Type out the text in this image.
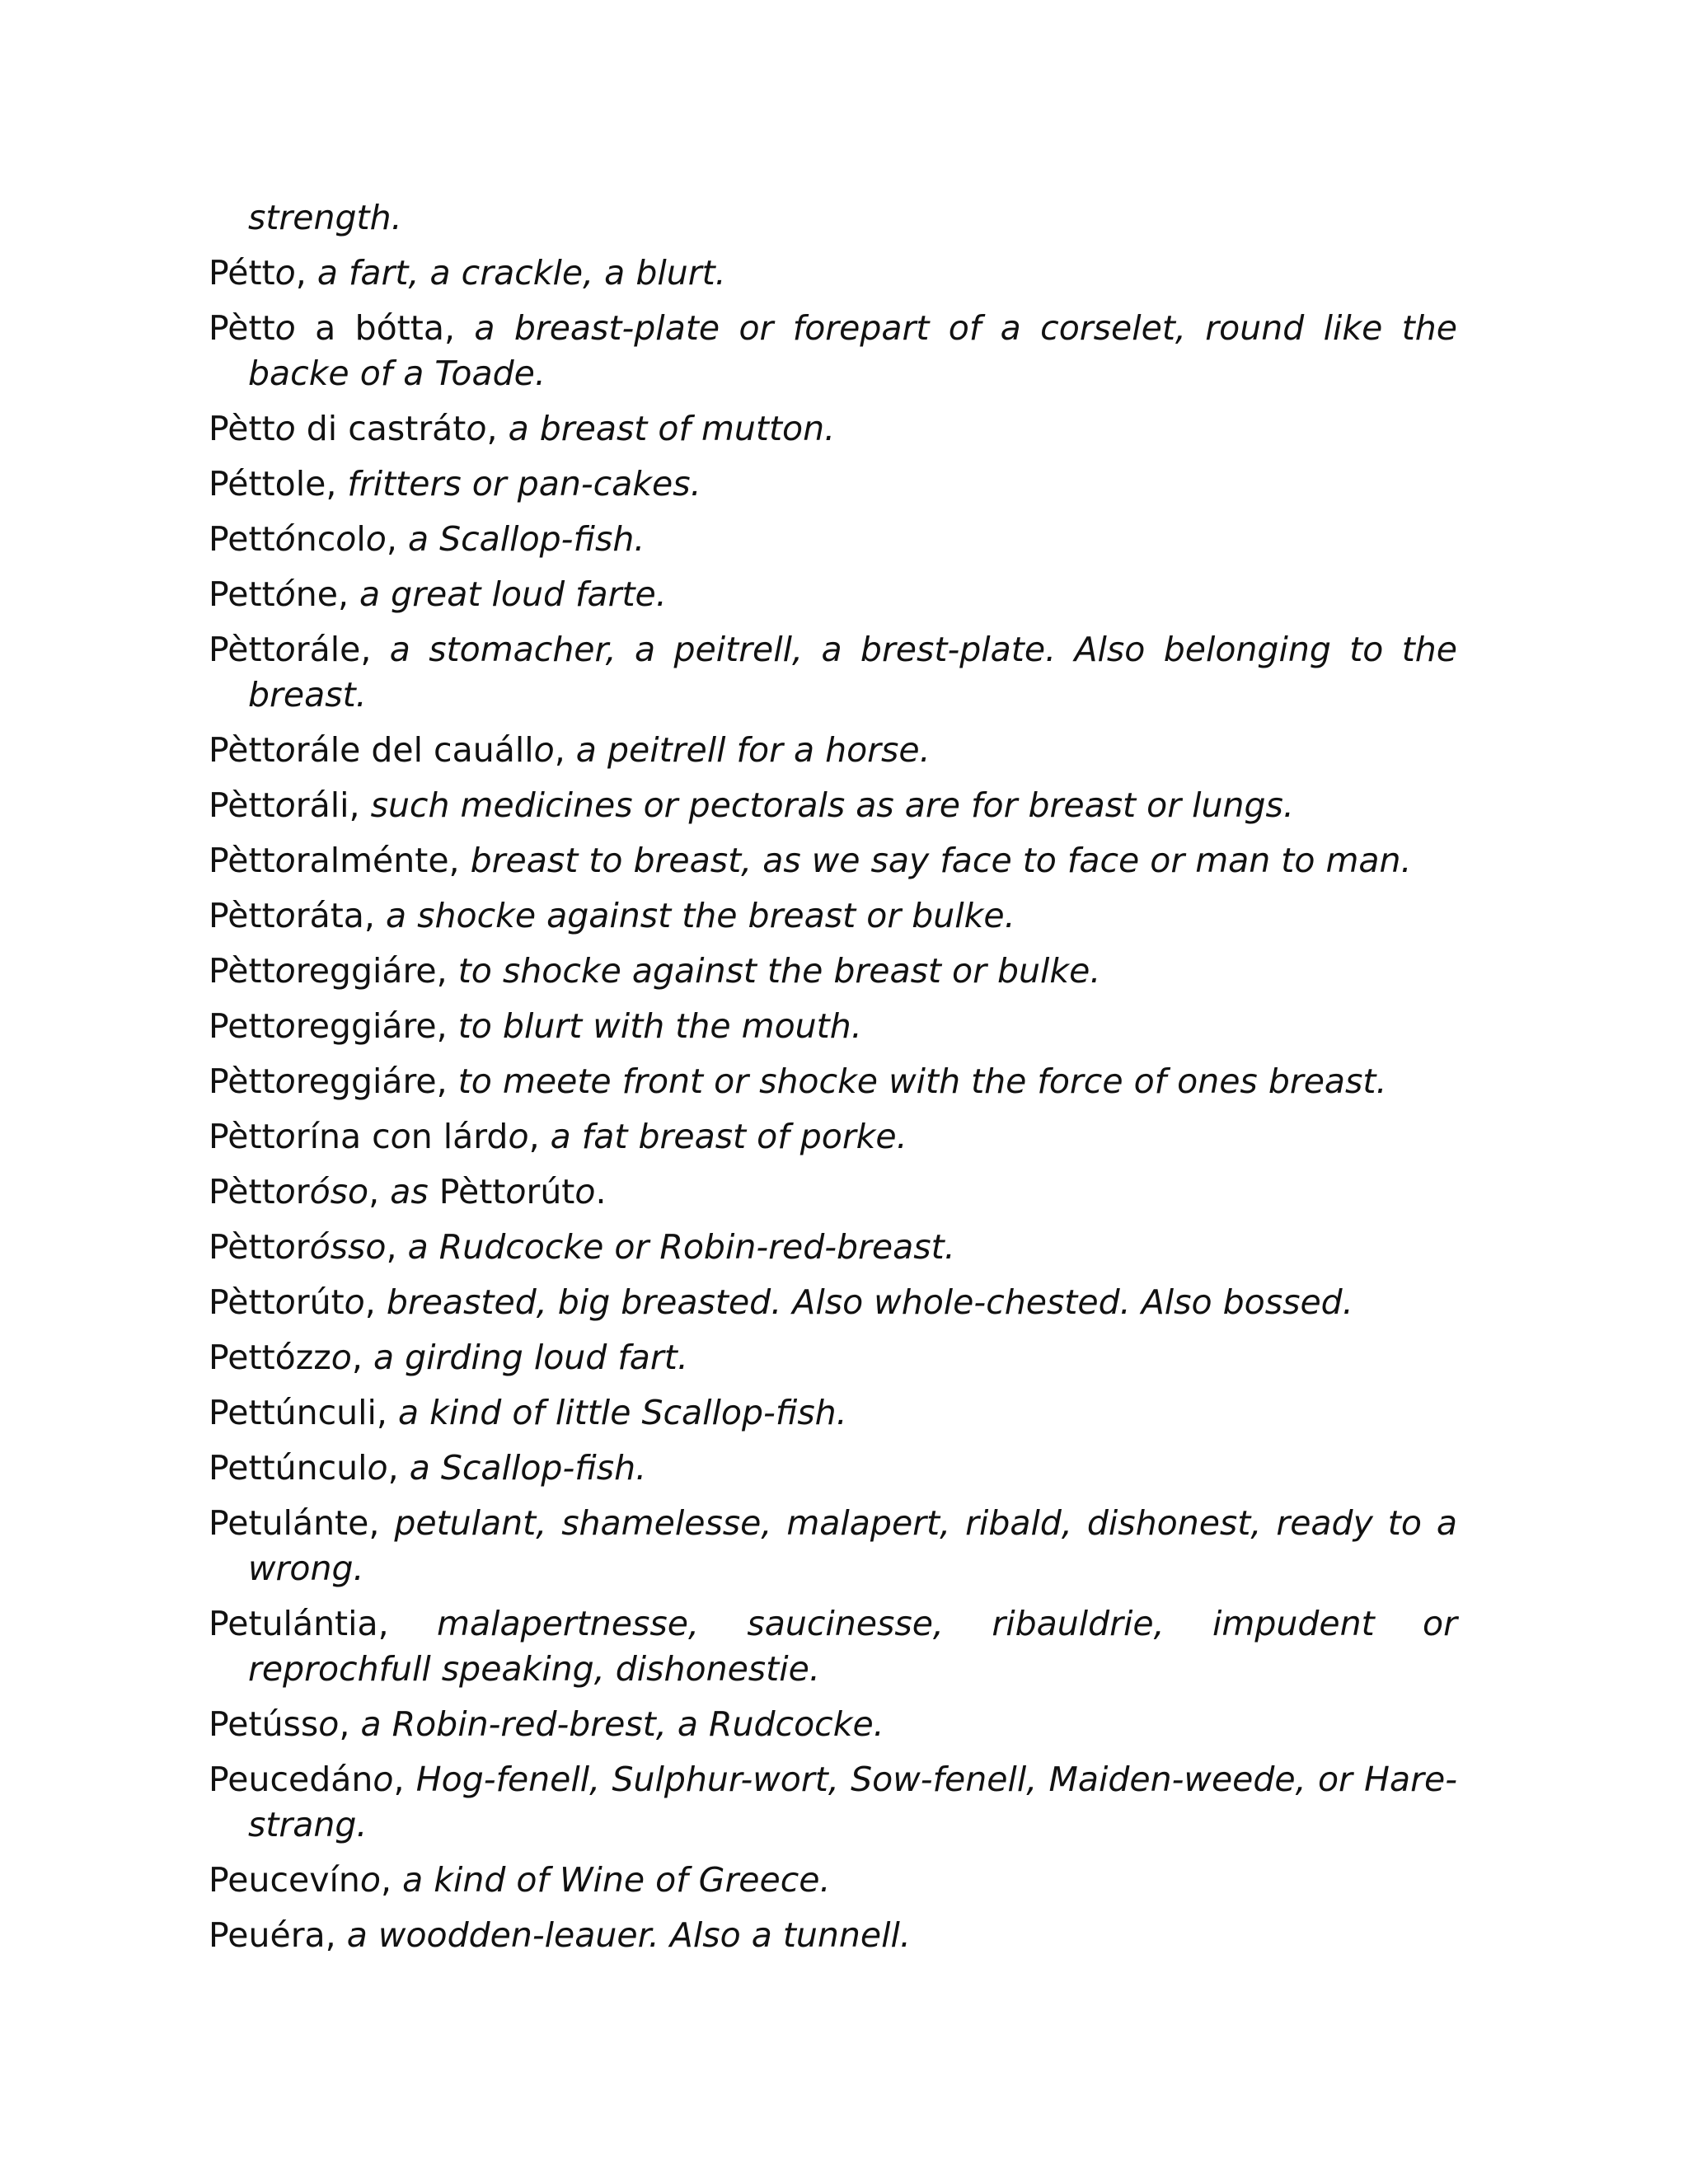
strength.
Pétto, a fart, a crackle, a blurt.
Pètto a bótta, a breast-plate or forepart of a corselet, round like the backe of a Toade.
Pètto di castráto, a breast of mutton.
Péttole, fritters or pan-cakes.
Pettóncolo, a Scallop-fish.
Pettóne, a great loud farte.
Pèttorále, a stomacher, a peitrell, a brest-plate. Also belonging to the breast.
Pèttorále del cauállo, a peitrell for a horse.
Pèttoráli, such medicines or pectorals as are for breast or lungs.
Pèttoralménte, breast to breast, as we say face to face or man to man.
Pèttoráta, a shocke against the breast or bulke.
Pèttoreggiáre, to shocke against the breast or bulke.
Pettoreggiáre, to blurt with the mouth.
Pèttoreggiáre, to meete front or shocke with the force of ones breast.
Pèttorína con lárdo, a fat breast of porke.
Pèttoróso, as Pèttorúto.
Pèttorósso, a Rudcocke or Robin-red-breast.
Pèttorúto, breasted, big breasted. Also whole-chested. Also bossed.
Pettózzo, a girding loud fart.
Pettúnculi, a kind of little Scallop-fish.
Pettúnculo, a Scallop-fish.
Petulánte, petulant, shamelesse, malapert, ribald, dishonest, ready to a wrong.
Petulántia, malapertnesse, saucinesse, ribauldrie, impudent or reprochfull speaking, dishonestie.
Petússo, a Robin-red-brest, a Rudcocke.
Peucedáno, Hog-fenell, Sulphur-wort, Sow-fenell, Maiden-weede, or Hare-strang.
Peucevíno, a kind of Wine of Greece.
Peuéra, a woodden-leauer. Also a tunnell.
